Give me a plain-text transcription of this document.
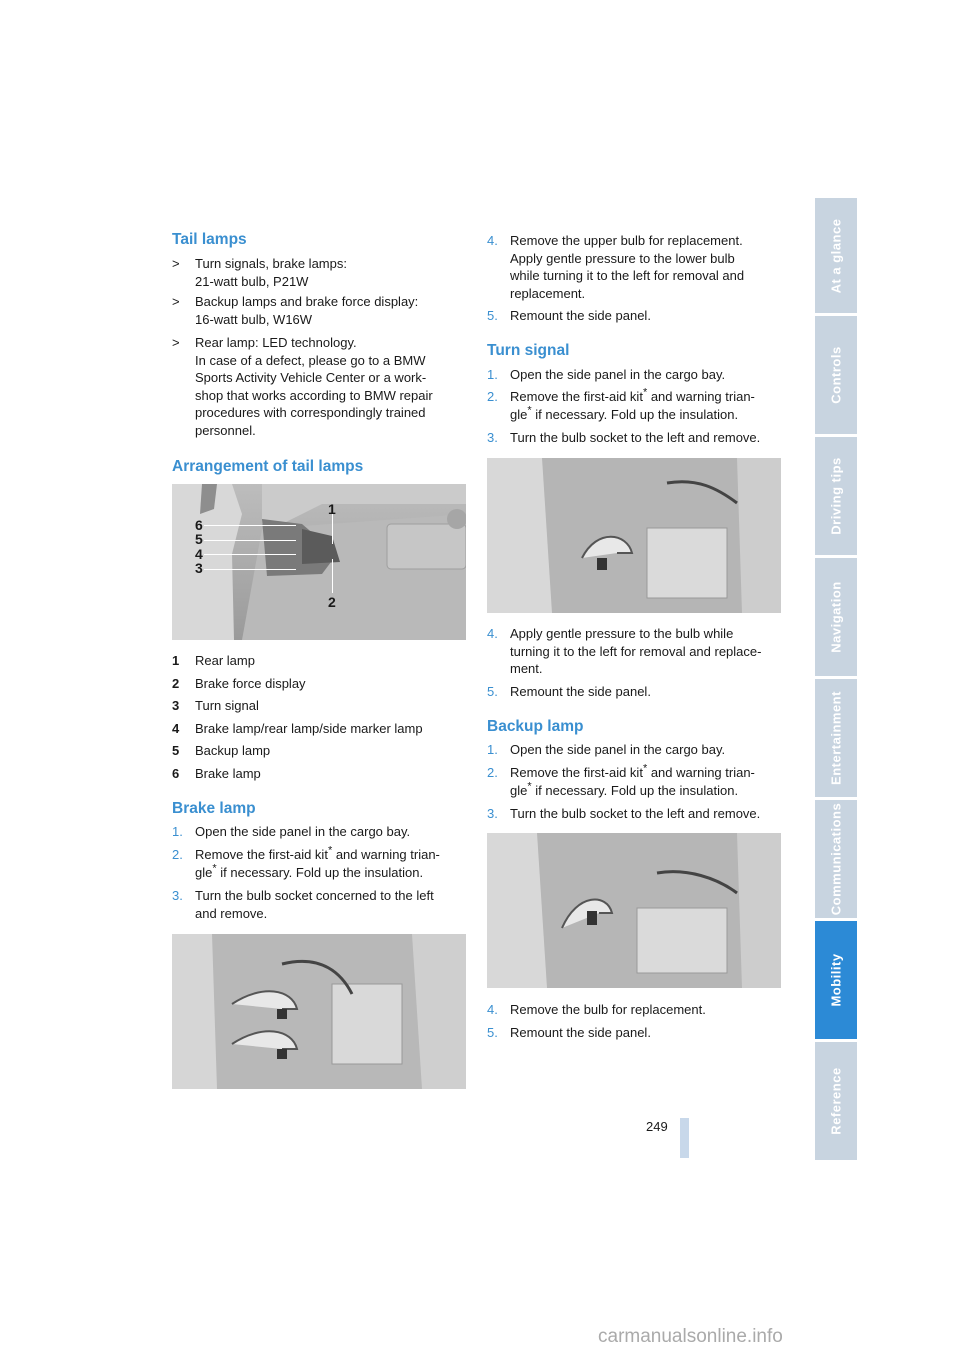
Tail lamps
>	Turn signals, brake lamps:
21-watt bulb, P21W
>	Backup lamps and brake force display:
16-watt bulb, W16W
>	Rear lamp: LED technology.
In case of a defect, please go to a BMW
Sports Activity Vehicle Center or a work-
shop that works according to BMW repair
procedures with correspondingly trained
personnel.
Arrangement of tail lamps
6
5
4
3
1
2
1 Rear lamp
2 Brake force display
3 Turn signal
4 Brake lamp/rear lamp/side marker lamp
5 Backup lamp
6 Brake lamp
Brake lamp
1. Open the side panel in the cargo bay.
2. Remove the first-aid kit* and warning trian-
gle* if necessary. Fold up the insulation.
3. Turn the bulb socket concerned to the left
and remove.
4. Remove the upper bulb for replacement.
Apply gentle pressure to the lower bulb
while turning it to the left for removal and
replacement.
5. Remount the side panel.
Turn signal
1. Open the side panel in the cargo bay.
2. Remove the first-aid kit* and warning trian-
gle* if necessary. Fold up the insulation.
3. Turn the bulb socket to the left and remove.
4. Apply gentle pressure to the bulb while
turning it to the left for removal and replace-
ment.
5. Remount the side panel.
Backup lamp
1. Open the side panel in the cargo bay.
2. Remove the first-aid kit* and warning trian-
gle* if necessary. Fold up the insulation.
3. Turn the bulb socket to the left and remove.
4. Remove the bulb for replacement.
5. Remount the side panel.
At a glance
Controls
Driving tips
Navigation
Entertainment
Communications
Mobility
Reference
249
carmanualsonline.info
